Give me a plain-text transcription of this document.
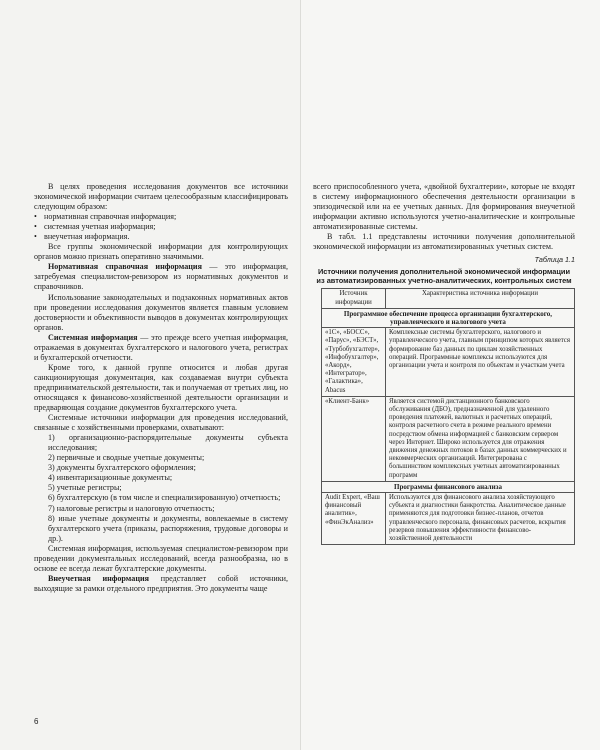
В целях проведения исследования документов все источники экономической информации считаем целесообразным классифицировать следующим образом:

• нормативная справочная информация;

• системная учетная информация;

• внеучетная информация.

Все группы экономической информации для контролирующих органов можно признать оперативно значимыми.

Нормативная справочная информация — это информация, затребуемая специалистом-ревизором из нормативных документов и справочников.

Использование законодательных и подзаконных нормативных актов при проведении исследования документов является главным условием достоверности и объективности выводов в документах контролирующих органов.

Системная информация — это прежде всего учетная информация, отражаемая в документах бухгалтерского и налогового учета, регистрах и бухгалтерской отчетности.

Кроме того, к данной группе относится и любая другая санкционирующая документация, как создаваемая внутри субъекта предпринимательской деятельности, так и получаемая от третьих лиц, но относящаяся к финансово-хозяйственной деятельности организации и предваряющая создание документов бухгалтерского учета.

Системные источники информации для проведения исследований, связанные с хозяйственными проверками, охватывают:

1) организационно-распорядительные документы субъекта исследования;

2) первичные и сводные учетные документы;

3) документы бухгалтерского оформления;

4) инвентаризационные документы;

5) учетные регистры;

6) бухгалтерскую (в том числе и специализированную) отчетность;

7) налоговые регистры и налоговую отчетность;

8) иные учетные документы и документы, вовлекаемые в систему бухгалтерского учета (приказы, распоряжения, трудовые договоры и др.).

Системная информация, используемая специалистом-ревизором при проведении документальных исследований, всегда разнообразна, но в основе ее всегда лежат бухгалтерские документы.

Внеучетная информация представляет собой источники, выходящие за рамки отдельного предприятия. Это документы чаще

6

всего приспособленного учета, «двойной бухгалтерии», которые не входят в систему информационного обеспечения деятельности организации в эпизодической или на ее учетных данных. Для формирования внеучетной информации активно используются учетно-аналитические и контрольные автоматизированные системы.

В табл. 1.1 представлены источники получения дополнительной экономической информации из автоматизированных учетных систем.

Таблица 1.1

Источники получения дополнительной экономической информации из автоматизированных учетно-аналитических, контрольных систем

Источник информации	Характеристика источника информации
Программное обеспечение процесса организации бухгалтерского, управленческого и налогового учета	
«1С», «БОСС», «Парус», «БЭСТ», «Турбобухгалтер», «Инфобухгалтер», «Акорд», «Интегратор», «Галактика», Abacus	Комплексные системы бухгалтерского, налогового и управленческого учета, главным принципом которых является формирование баз данных по циклам хозяйственных операций. Программные комплексы используются для организации учета и контроля по объектам и участкам учета
«Клиент-Банк»	Является системой дистанционного банковского обслуживания (ДБО), предназначенной для удаленного проведения платежей, валютных и расчетных операций, контроля расчетного счета в режиме реального времени посредством обмена информацией с банковским сервером через Интернет. Широко используется для отражения движения денежных потоков в базах данных коммерческих и некоммерческих организаций. Интегрирована с большинством комплексных учетных автоматизированных программ
Программы финансового анализа	
Audit Expert, «Ваш финансовый аналитик», «ФинЭкАнализ»	Используются для финансового анализа хозяйствующего субъекта и диагностики банкротства. Аналитическое данные применяются для подготовки бизнес-планов, отчетов управленческого персонала, финансовых расчетов, вскрытия резервов повышения эффективности финансово-хозяйственной деятельности
